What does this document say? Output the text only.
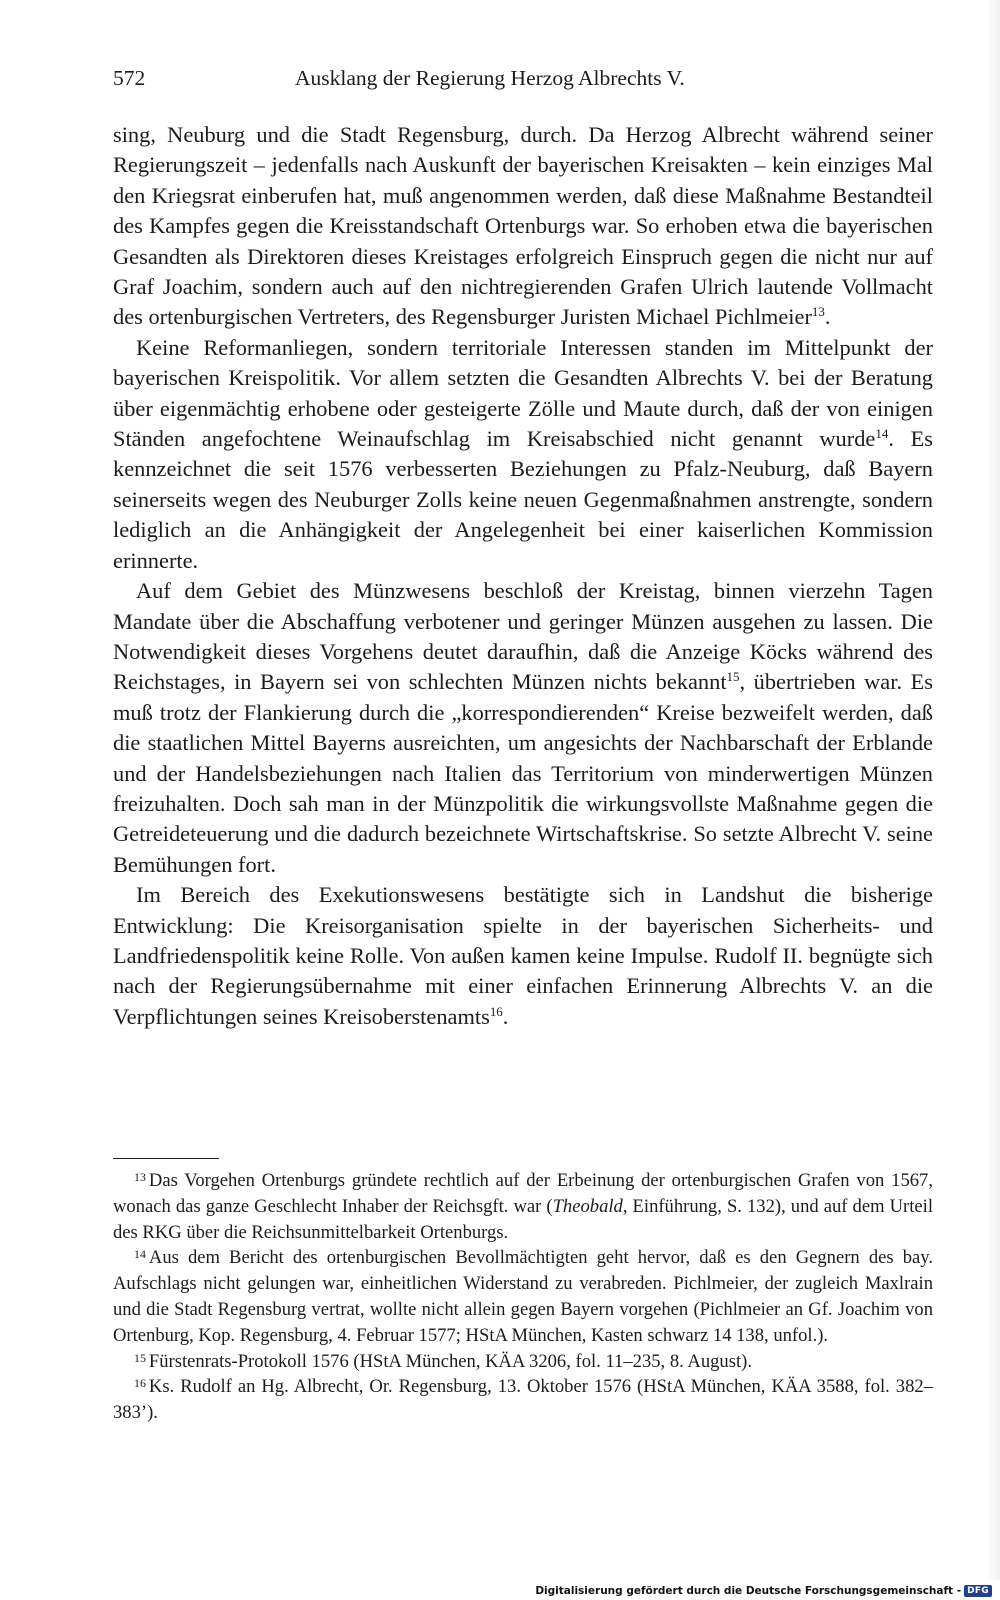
572	Ausklang der Regierung Herzog Albrechts V.

sing, Neuburg und die Stadt Regensburg, durch. Da Herzog Albrecht während seiner Regierungszeit – jedenfalls nach Auskunft der bayerischen Kreisakten – kein einziges Mal den Kriegsrat einberufen hat, muß angenommen werden, daß diese Maßnahme Bestandteil des Kampfes gegen die Kreisstandschaft Ortenburgs war. So erhoben etwa die bayerischen Gesandten als Direktoren dieses Kreistages erfolgreich Einspruch gegen die nicht nur auf Graf Joachim, sondern auch auf den nichtregierenden Grafen Ulrich lautende Vollmacht des ortenburgischen Vertreters, des Regensburger Juristen Michael Pichlmeier$^{13}$.

Keine Reformanliegen, sondern territoriale Interessen standen im Mittelpunkt der bayerischen Kreispolitik. Vor allem setzten die Gesandten Albrechts V. bei der Beratung über eigenmächtig erhobene oder gesteigerte Zölle und Maute durch, daß der von einigen Ständen angefochtene Weinaufschlag im Kreisabschied nicht genannt wurde$^{14}$. Es kennzeichnet die seit 1576 verbesserten Beziehungen zu Pfalz-Neuburg, daß Bayern seinerseits wegen des Neuburger Zolls keine neuen Gegenmaßnahmen anstrengte, sondern lediglich an die Anhängigkeit der Angelegenheit bei einer kaiserlichen Kommission erinnerte.

Auf dem Gebiet des Münzwesens beschloß der Kreistag, binnen vierzehn Tagen Mandate über die Abschaffung verbotener und geringer Münzen ausgehen zu lassen. Die Notwendigkeit dieses Vorgehens deutet daraufhin, daß die Anzeige Köcks während des Reichstages, in Bayern sei von schlechten Münzen nichts bekannt$^{15}$, übertrieben war. Es muß trotz der Flankierung durch die „korrespondierenden“ Kreise bezweifelt werden, daß die staatlichen Mittel Bayerns ausreichten, um angesichts der Nachbarschaft der Erblande und der Handelsbeziehungen nach Italien das Territorium von minderwertigen Münzen freizuhalten. Doch sah man in der Münzpolitik die wirkungsvollste Maßnahme gegen die Getreideteuerung und die dadurch bezeichnete Wirtschaftskrise. So setzte Albrecht V. seine Bemühungen fort.

Im Bereich des Exekutionswesens bestätigte sich in Landshut die bisherige Entwicklung: Die Kreisorganisation spielte in der bayerischen Sicherheits- und Landfriedenspolitik keine Rolle. Von außen kamen keine Impulse. Rudolf II. begnügte sich nach der Regierungsübernahme mit einer einfachen Erinnerung Albrechts V. an die Verpflichtungen seines Kreisoberstenamts$^{16}$.

$^{13}$ Das Vorgehen Ortenburgs gründete rechtlich auf der Erbeinung der ortenburgischen Grafen von 1567, wonach das ganze Geschlecht Inhaber der Reichsgft. war (Theobald, Einführung, S. 132), und auf dem Urteil des RKG über die Reichsunmittelbarkeit Ortenburgs.

$^{14}$ Aus dem Bericht des ortenburgischen Bevollmächtigten geht hervor, daß es den Gegnern des bay. Aufschlags nicht gelungen war, einheitlichen Widerstand zu verabreden. Pichlmeier, der zugleich Maxlrain und die Stadt Regensburg vertrat, wollte nicht allein gegen Bayern vorgehen (Pichlmeier an Gf. Joachim von Ortenburg, Kop. Regensburg, 4. Februar 1577; HStA München, Kasten schwarz 14 138, unfol.).

$^{15}$ Fürstenrats-Protokoll 1576 (HStA München, KÄA 3206, fol. 11–235, 8. August).

$^{16}$ Ks. Rudolf an Hg. Albrecht, Or. Regensburg, 13. Oktober 1576 (HStA München, KÄA 3588, fol. 382–383’).

Digitalisierung gefördert durch die Deutsche Forschungsgemeinschaft - DFG
